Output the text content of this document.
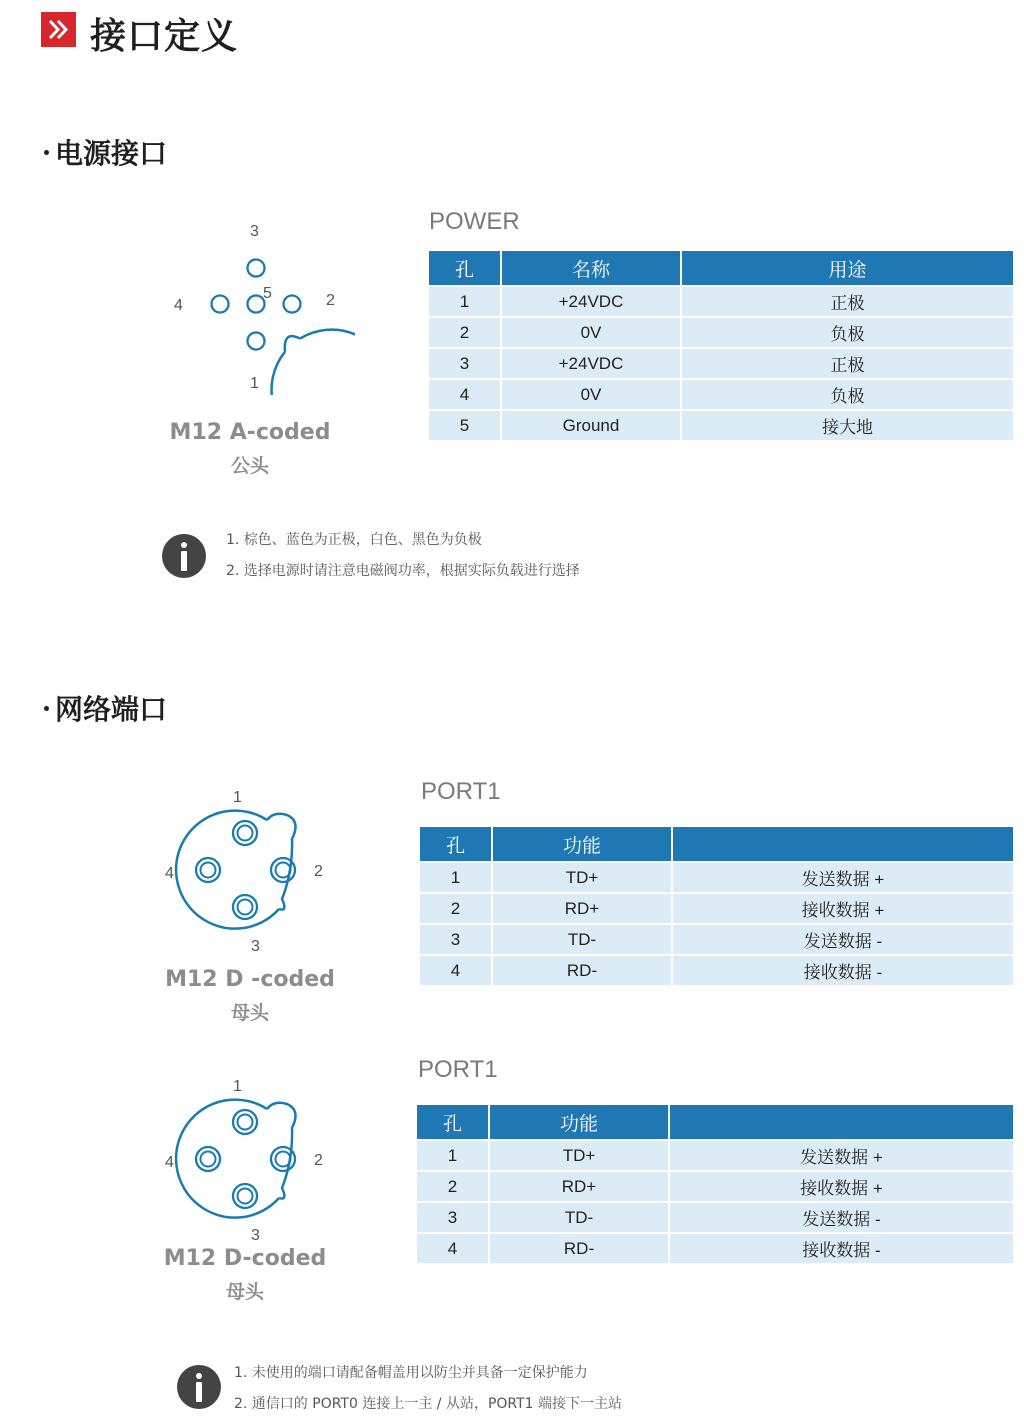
接口定义
电源接口
3
2
4
5
1
M12 A-coded
公头
POWER
孔	名称	用途
1	+24VDC	正极
2	0V	负极
3	+24VDC	正极
4	0V	负极
5	Ground	接大地
1. 棕色、蓝色为正极，白色、黑色为负极
2. 选择电源时请注意电磁阀功率，根据实际负载进行选择
网络端口
1
2
4
3
M12 D -coded
母头
PORT1
孔	功能	
1	TD+	发送数据 +
2	RD+	接收数据 +
3	TD-	发送数据 -
4	RD-	接收数据 -
1
2
4
3
M12 D-coded
母头
PORT1
孔	功能	
1	TD+	发送数据 +
2	RD+	接收数据 +
3	TD-	发送数据 -
4	RD-	接收数据 -
1. 未使用的端口请配备帽盖用以防尘并具备一定保护能力
2. 通信口的 PORT0 连接上一主 / 从站，PORT1 端接下一主站
